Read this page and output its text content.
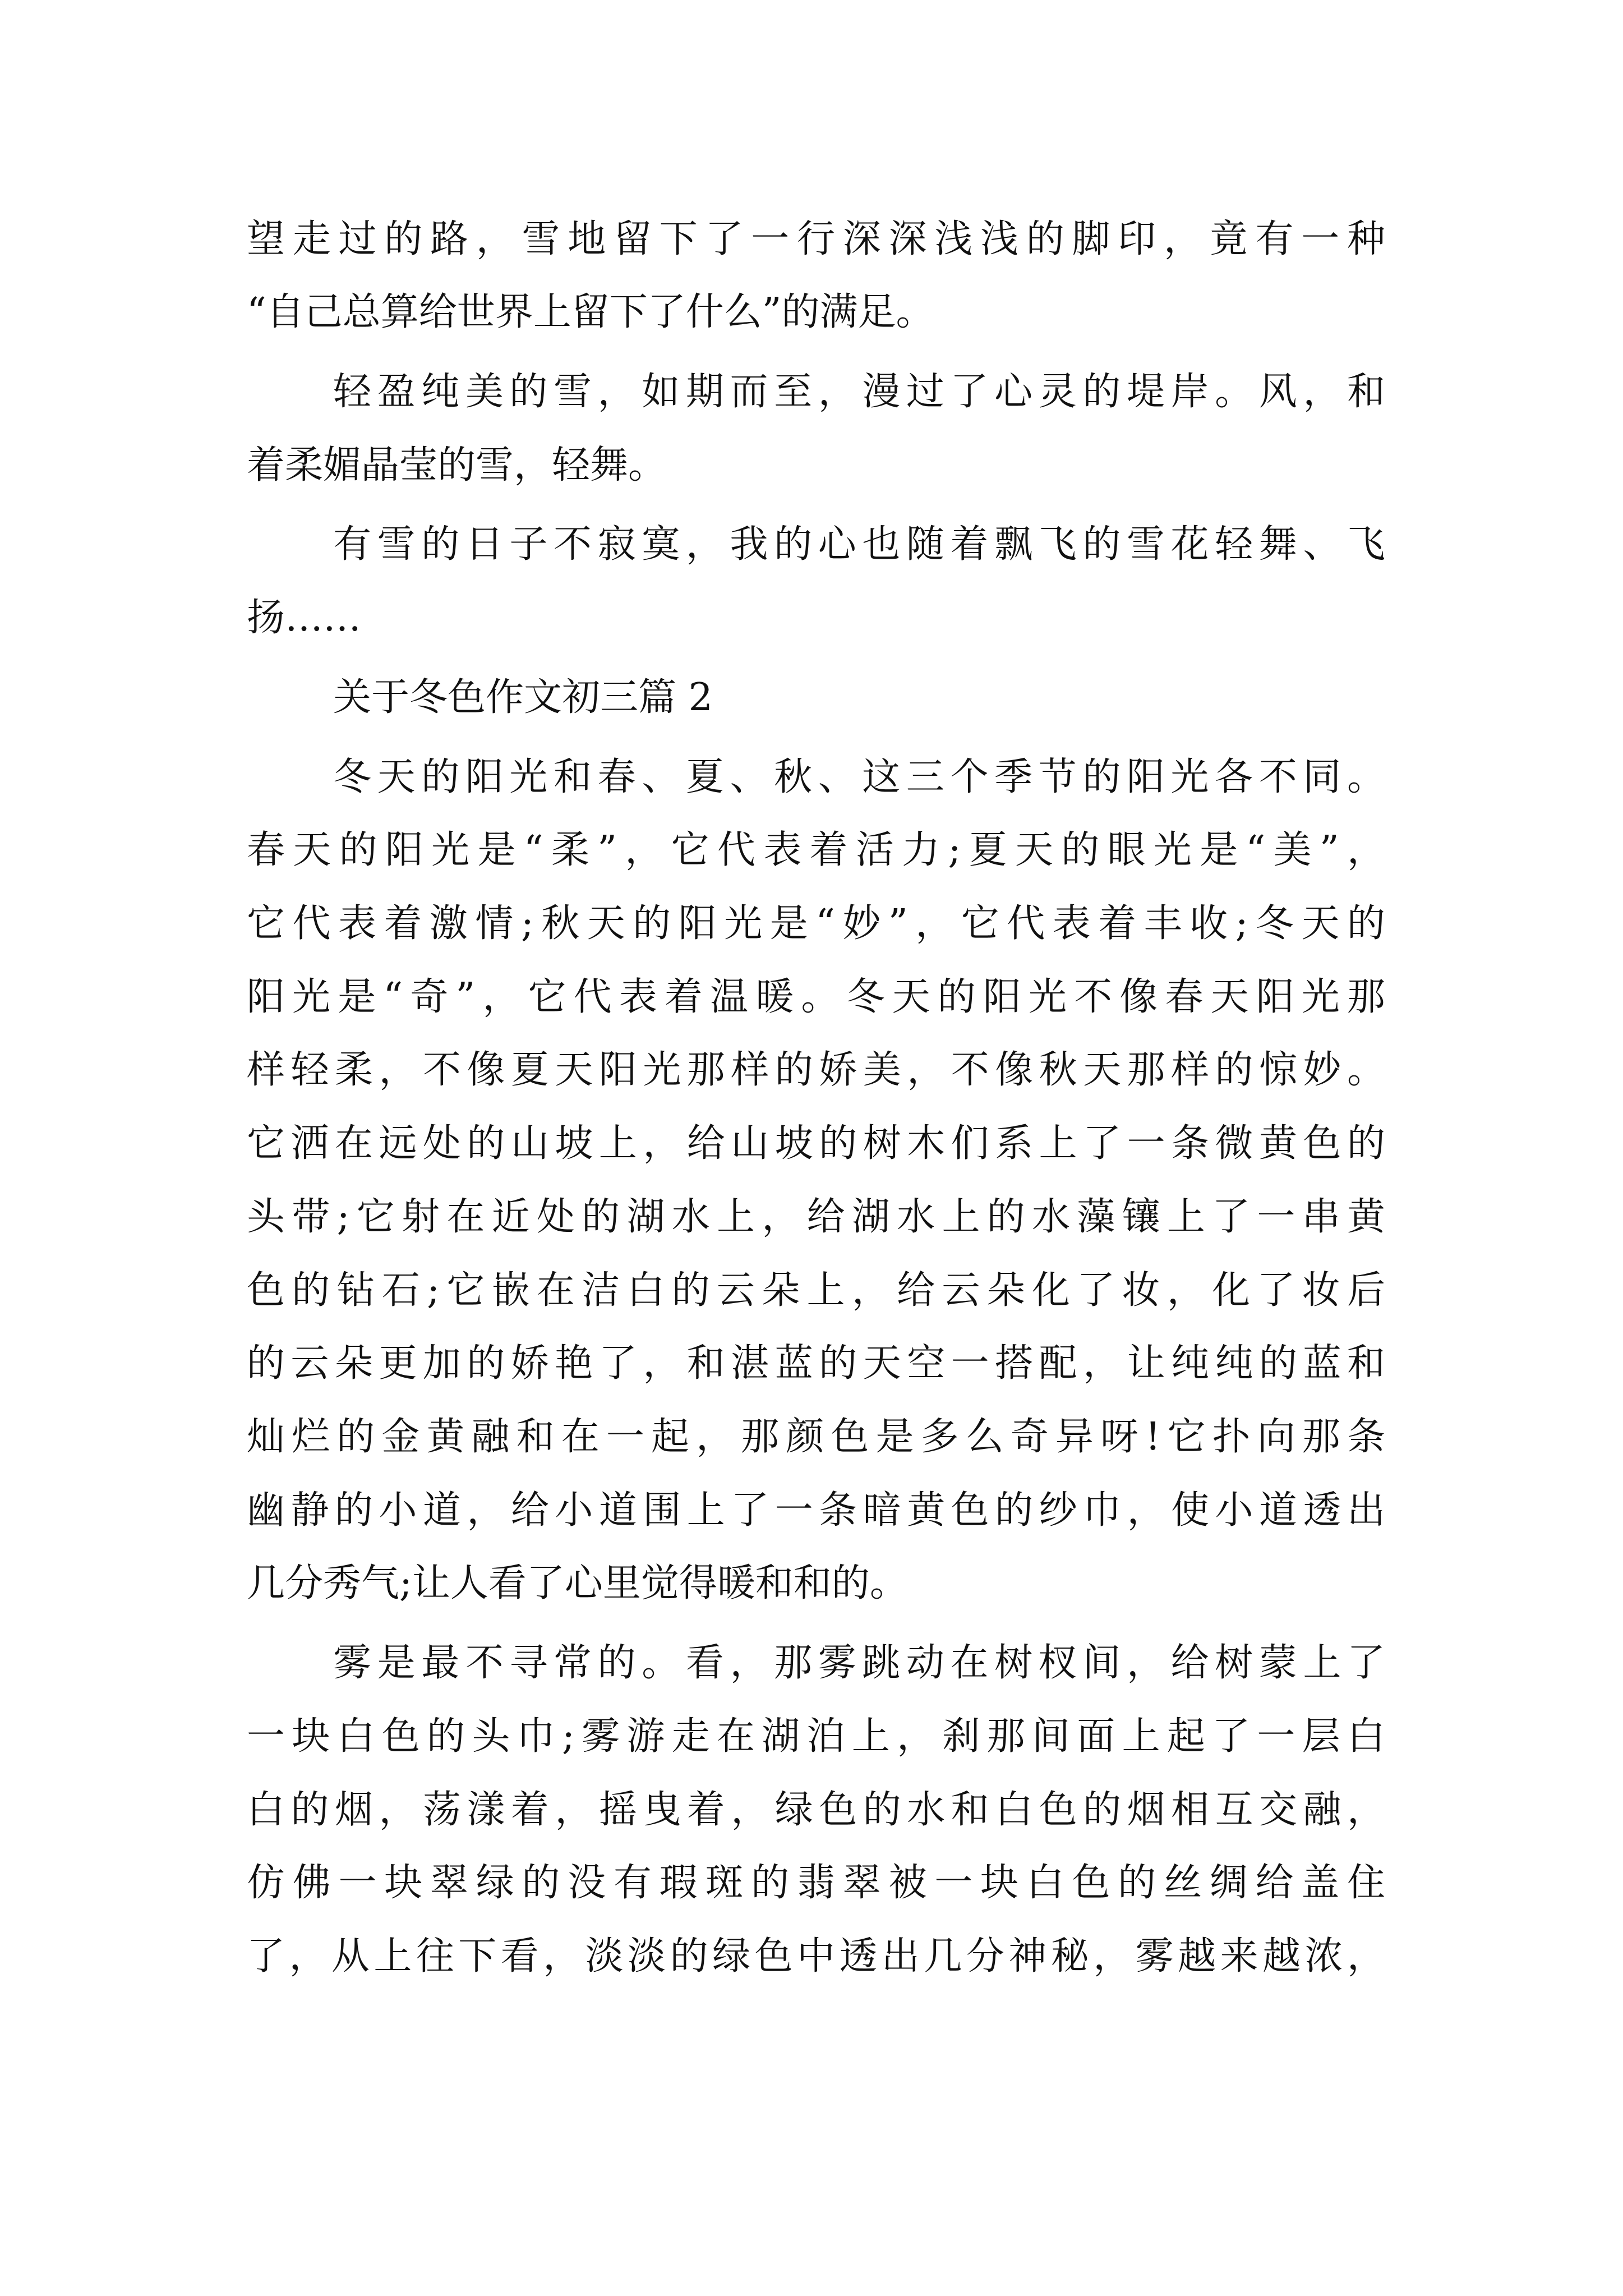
望走过的路，雪地留下了一行深深浅浅的脚印，竟有一种

“自己总算给世界上留下了什么”的满足。

轻盈纯美的雪，如期而至，漫过了心灵的堤岸。风，和

着柔媚晶莹的雪，轻舞。

有雪的日子不寂寞，我的心也随着飘飞的雪花轻舞、飞

扬……

关于冬色作文初三篇 2

冬天的阳光和春、夏、秋、这三个季节的阳光各不同。

春天的阳光是“柔”，它代表着活力;夏天的眼光是“美”，

它代表着激情;秋天的阳光是“妙”，它代表着丰收;冬天的

阳光是“奇”，它代表着温暖。冬天的阳光不像春天阳光那

样轻柔，不像夏天阳光那样的娇美，不像秋天那样的惊妙。

它洒在远处的山坡上，给山坡的树木们系上了一条微黄色的

头带;它射在近处的湖水上，给湖水上的水藻镶上了一串黄

色的钻石;它嵌在洁白的云朵上，给云朵化了妆，化了妆后

的云朵更加的娇艳了，和湛蓝的天空一搭配，让纯纯的蓝和

灿烂的金黄融和在一起，那颜色是多么奇异呀!它扑向那条

幽静的小道，给小道围上了一条暗黄色的纱巾，使小道透出

几分秀气;让人看了心里觉得暖和和的。

雾是最不寻常的。看，那雾跳动在树杈间，给树蒙上了

一块白色的头巾;雾游走在湖泊上，刹那间面上起了一层白

白的烟，荡漾着，摇曳着，绿色的水和白色的烟相互交融，

仿佛一块翠绿的没有瑕斑的翡翠被一块白色的丝绸给盖住

了，从上往下看，淡淡的绿色中透出几分神秘，雾越来越浓，
